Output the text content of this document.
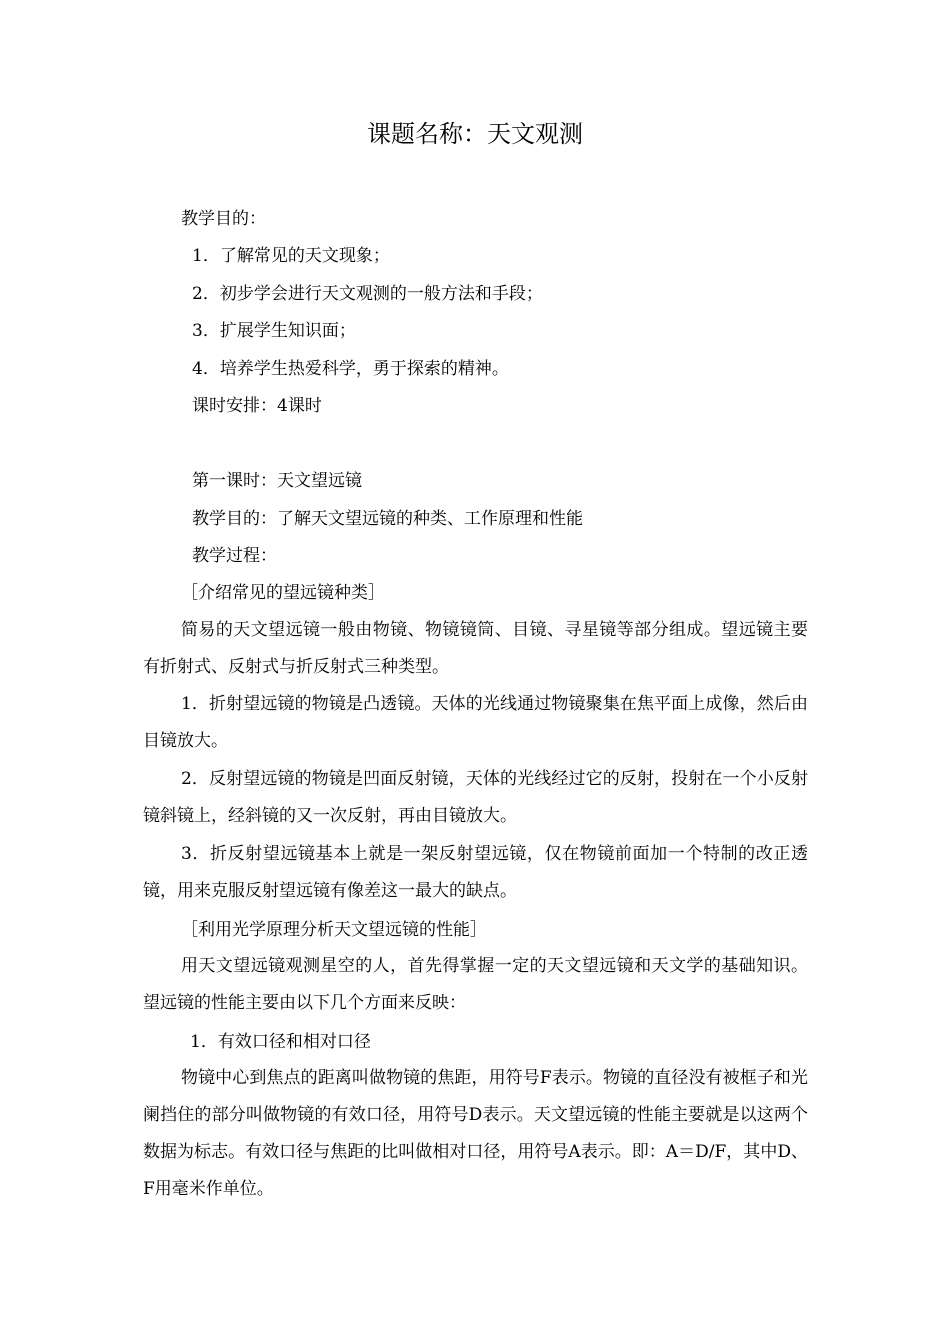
课题名称：天文观测
教学目的：
1．了解常见的天文现象；
2．初步学会进行天文观测的一般方法和手段；
3．扩展学生知识面；
4．培养学生热爱科学，勇于探索的精神。
课时安排：4课时
第一课时：天文望远镜
教学目的：了解天文望远镜的种类、工作原理和性能
教学过程：
［介绍常见的望远镜种类］
简易的天文望远镜一般由物镜、物镜镜筒、目镜、寻星镜等部分组成。望远镜主要有折射式、反射式与折反射式三种类型。
1．折射望远镜的物镜是凸透镜。天体的光线通过物镜聚集在焦平面上成像，然后由目镜放大。
2．反射望远镜的物镜是凹面反射镜，天体的光线经过它的反射，投射在一个小反射镜斜镜上，经斜镜的又一次反射，再由目镜放大。
3．折反射望远镜基本上就是一架反射望远镜，仅在物镜前面加一个特制的改正透镜，用来克服反射望远镜有像差这一最大的缺点。
［利用光学原理分析天文望远镜的性能］
用天文望远镜观测星空的人，首先得掌握一定的天文望远镜和天文学的基础知识。望远镜的性能主要由以下几个方面来反映：
1．有效口径和相对口径
物镜中心到焦点的距离叫做物镜的焦距，用符号F表示。物镜的直径没有被框子和光阑挡住的部分叫做物镜的有效口径，用符号D表示。天文望远镜的性能主要就是以这两个数据为标志。有效口径与焦距的比叫做相对口径，用符号A表示。即：A＝D/F，其中D、F用毫米作单位。
